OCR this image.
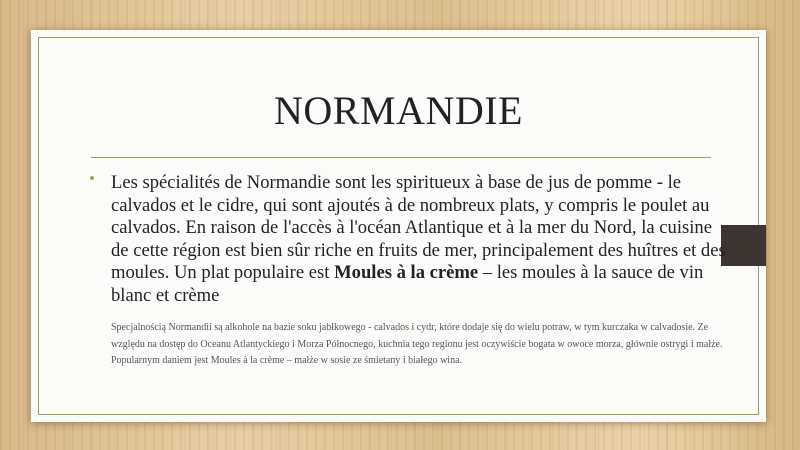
NORMANDIE
• Les spécialités de Normandie sont les spiritueux à base de jus de pomme - le calvados et le cidre, qui sont ajoutés à de nombreux plats, y compris le poulet au calvados. En raison de l'accès à l'océan Atlantique et à la mer du Nord, la cuisine de cette région est bien sûr riche en fruits de mer, principalement des huîtres et des moules. Un plat populaire est Moules à la crème – les moules à la sauce de vin blanc et crème
Specjalnością Normandii są alkohole na bazie soku jabłkowego - calvados i cydr, które dodaje się do wielu potraw, w tym kurczaka w calvadosie. Ze względu na dostęp do Oceanu Atlantyckiego i Morza Północnego, kuchnia tego regionu jest oczywiście bogata w owoce morza, głównie ostrygi i małże. Popularnym daniem jest Moules à la crème – małże w sosie ze śmietany i białego wina.
